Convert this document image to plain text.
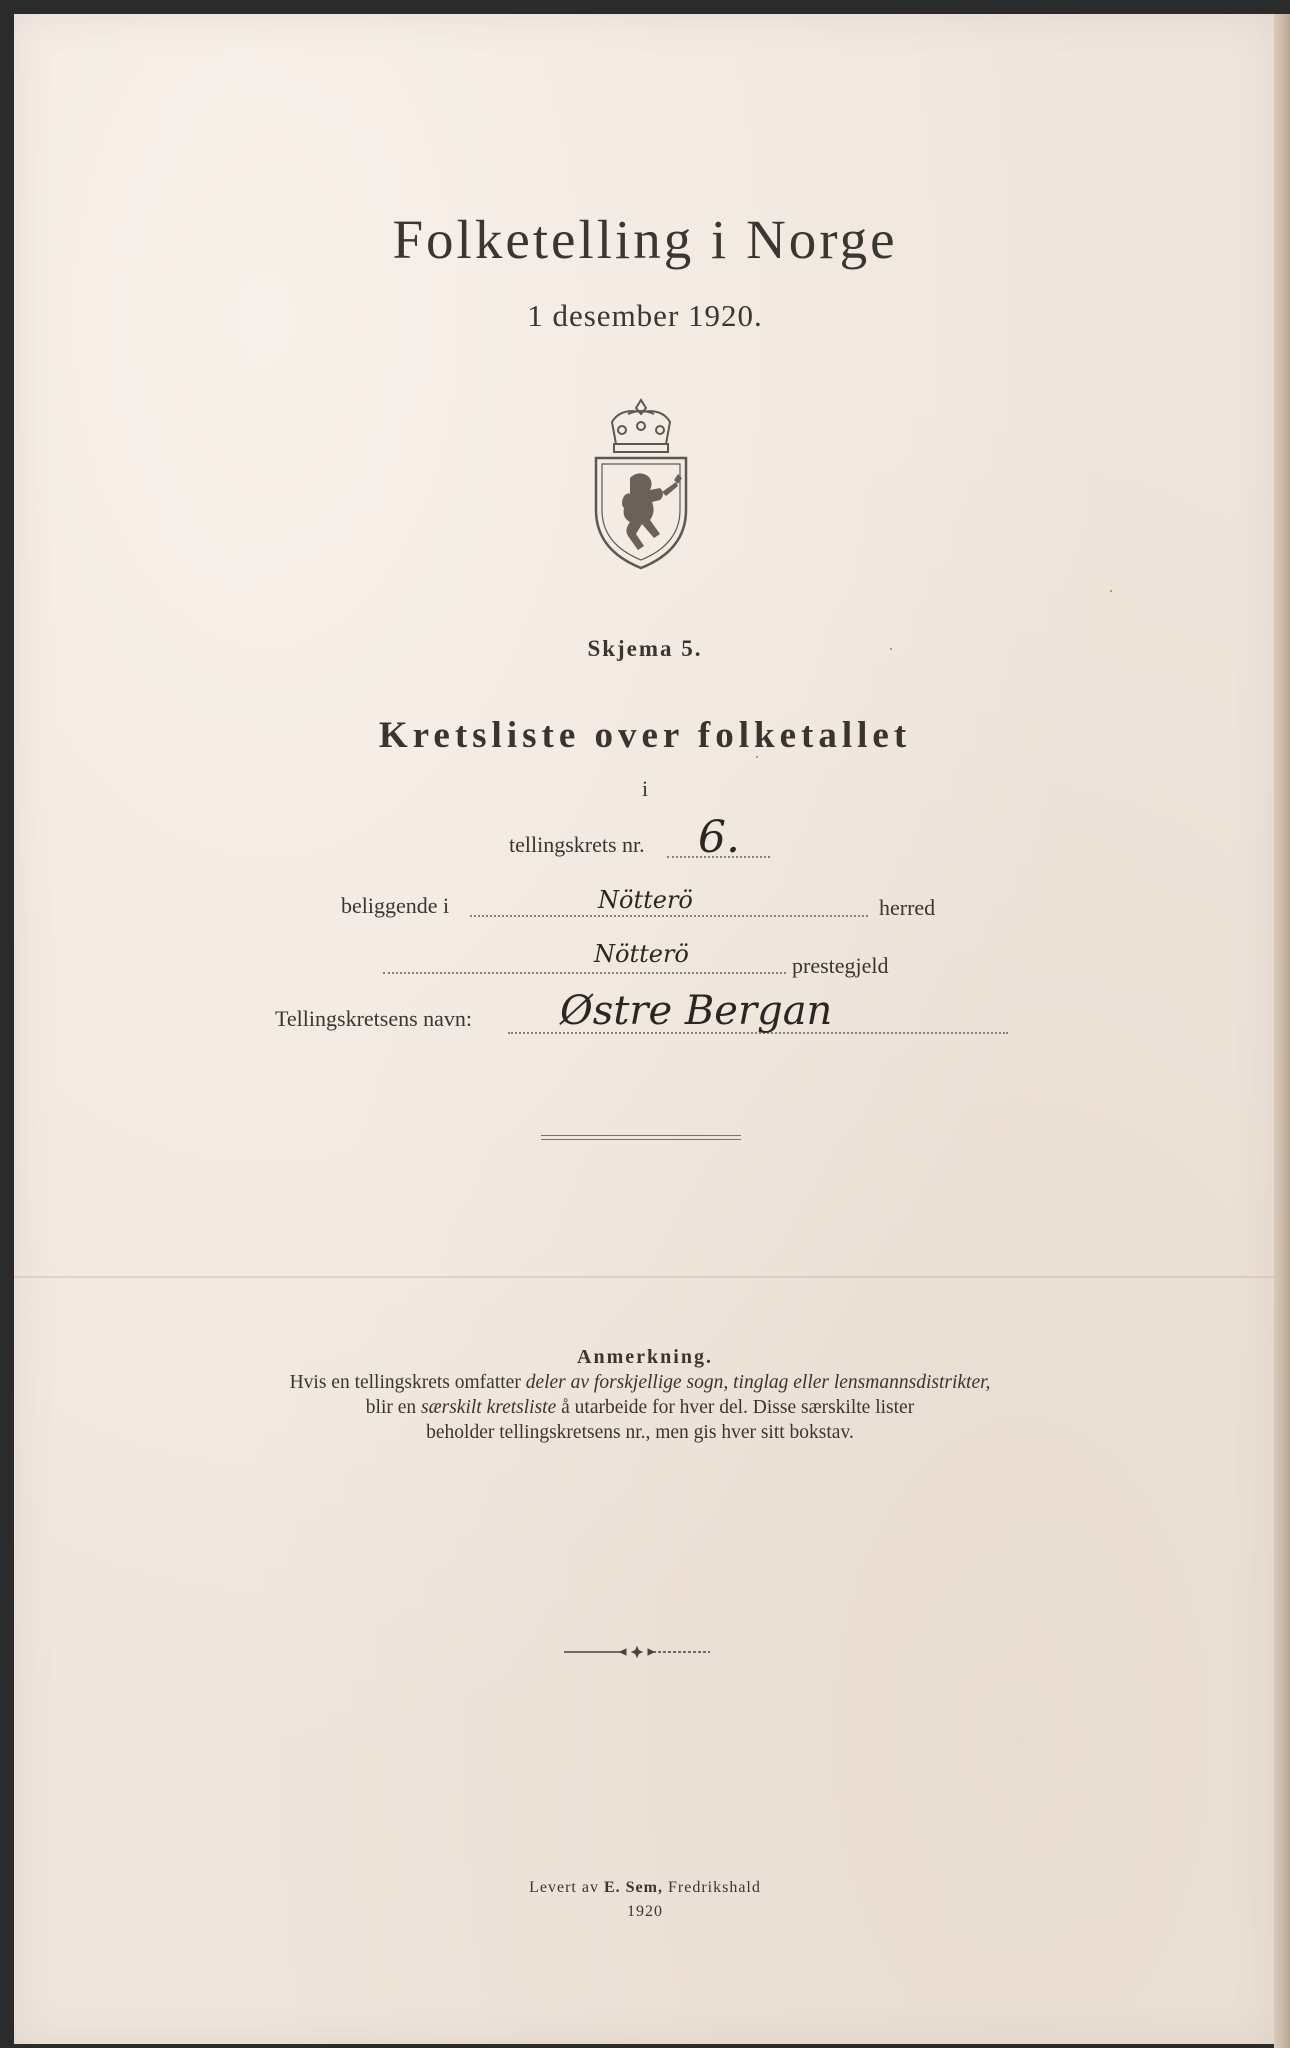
Folketelling i Norge
1 desember 1920.
Skjema 5.
Kretsliste over folketallet
i
tellingskrets nr. 6.
beliggende i	Nötterö	herred
Nötterö	prestegjeld
Tellingskretsens navn: Østre Bergan
Anmerkning.
Hvis en tellingskrets omfatter deler av forskjellige sogn, tinglag eller lensmannsdistrikter,
blir en særskilt kretsliste å utarbeide for hver del. Disse særskilte lister
beholder tellingskretsens nr., men gis hver sitt bokstav.
Levert av E. Sem, Fredrikshald
1920
